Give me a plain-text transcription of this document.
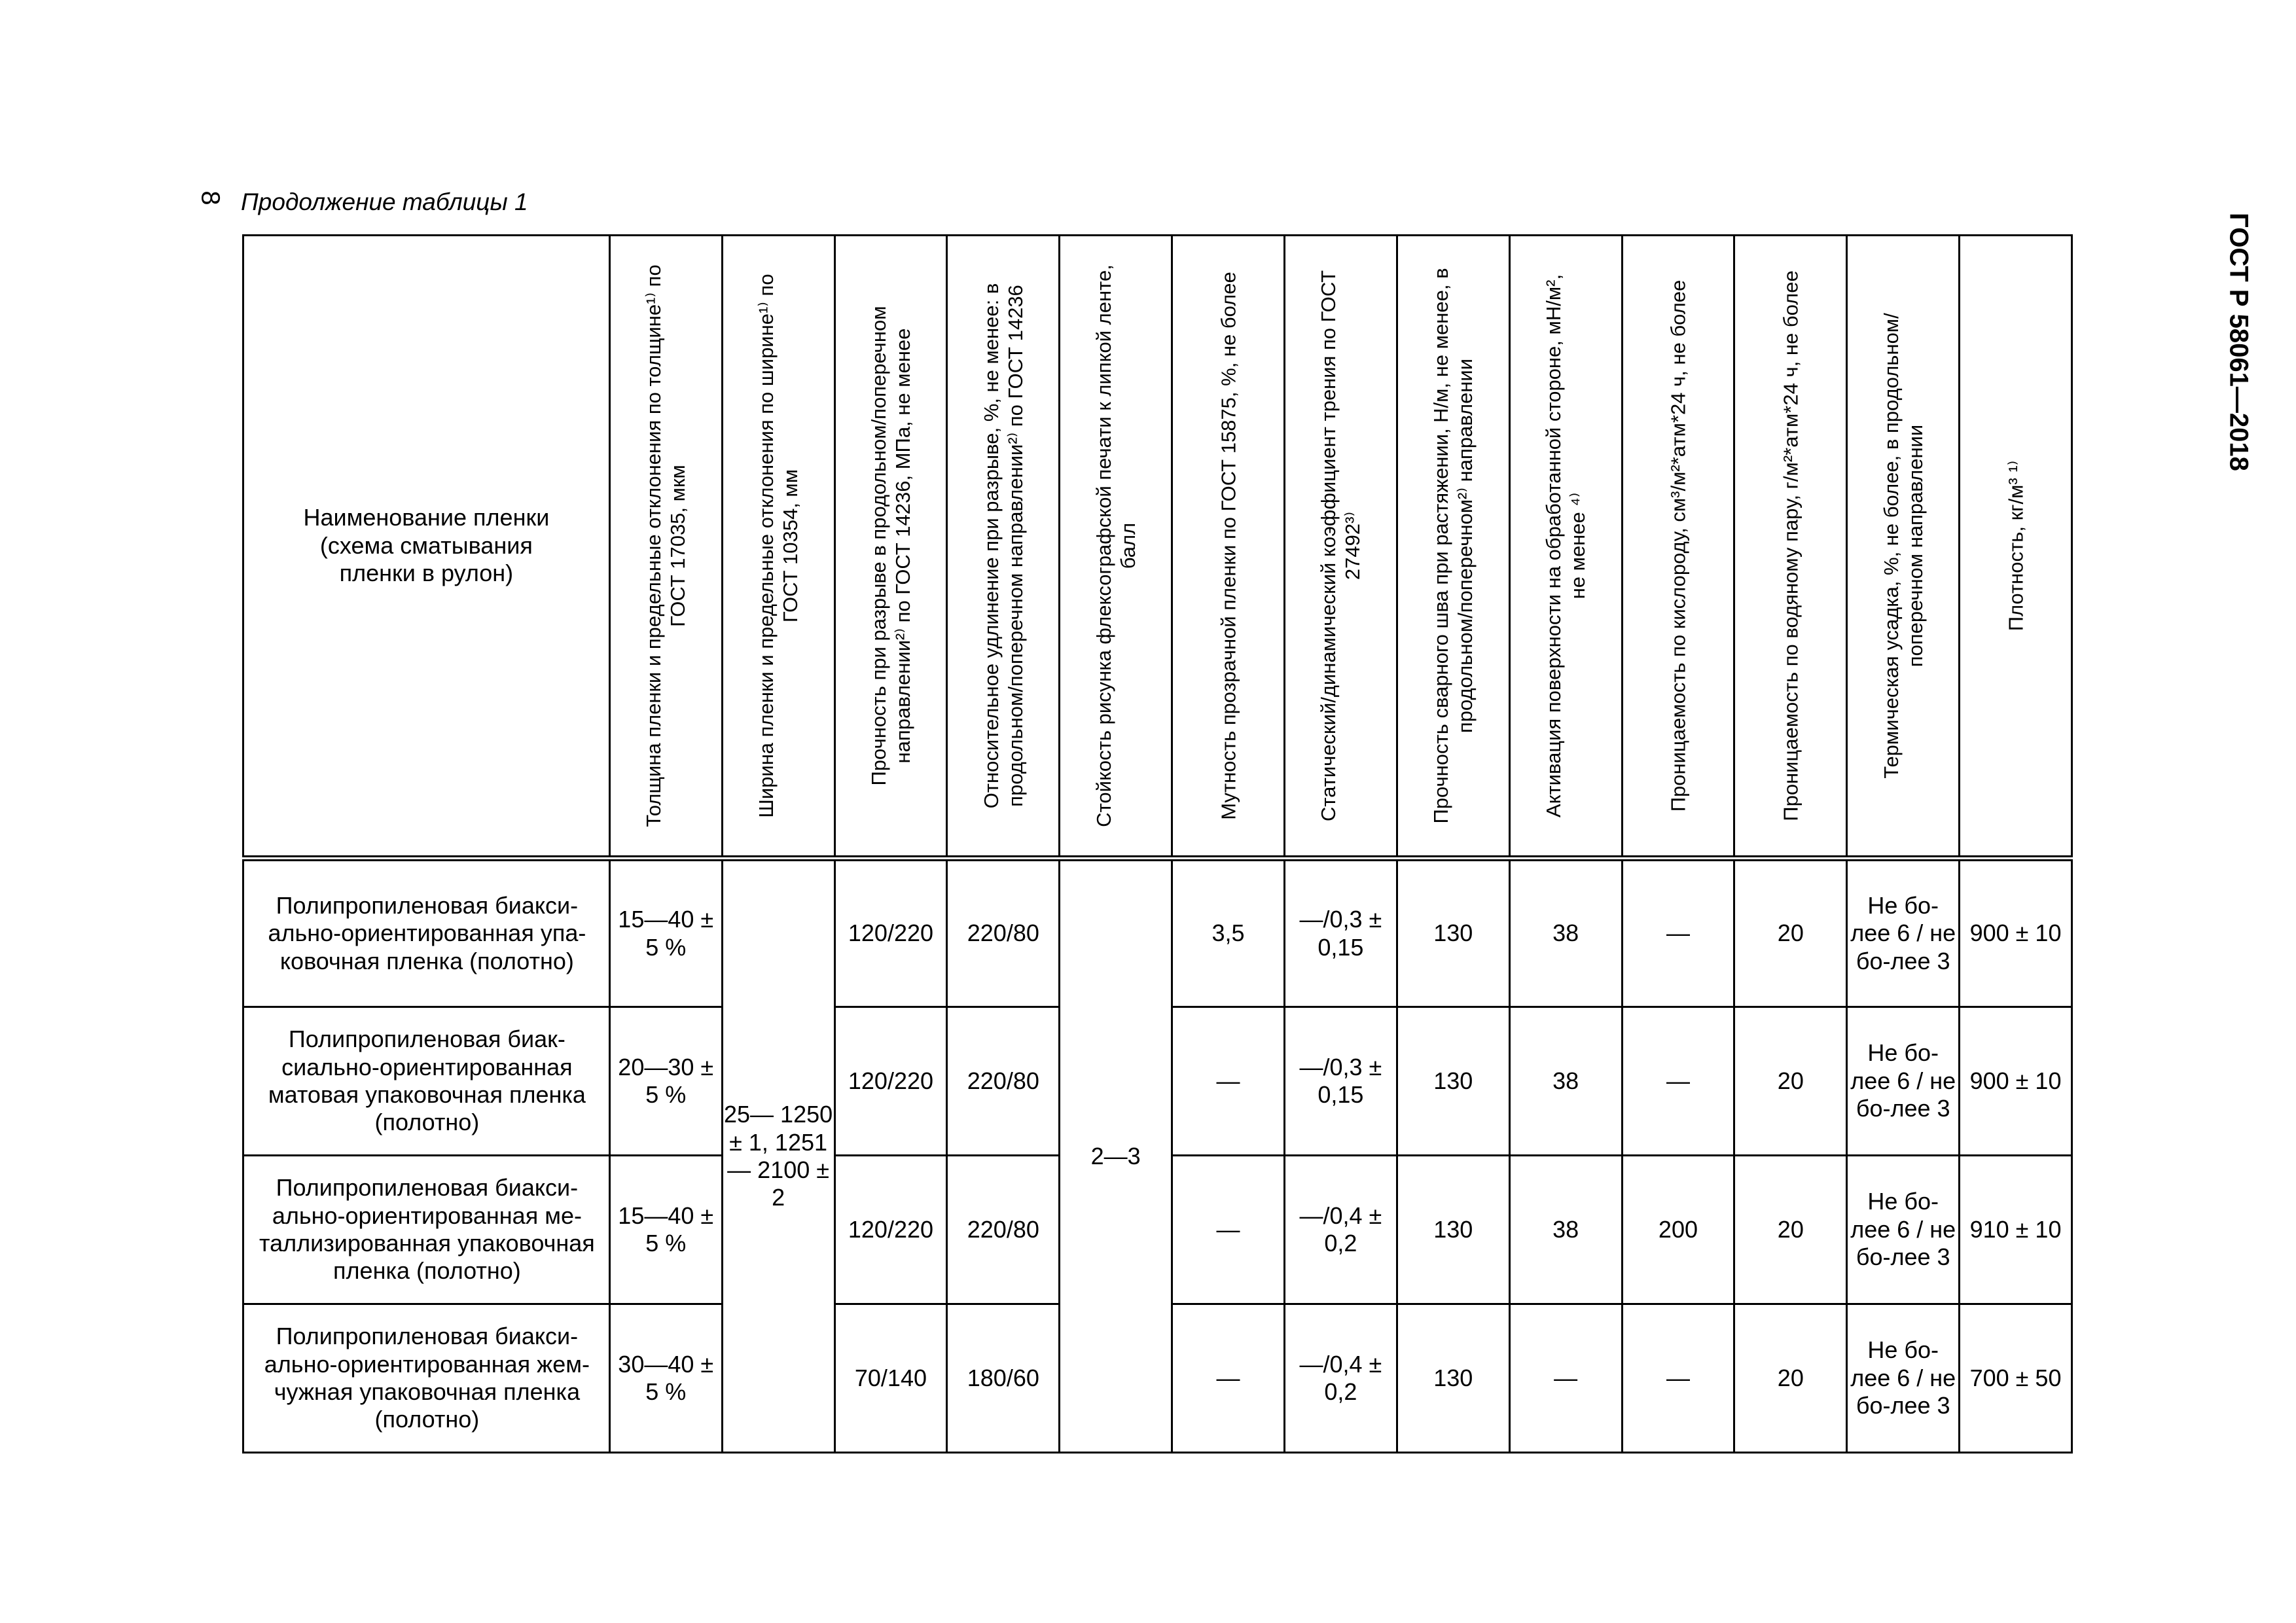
8 Продолжение таблицы 1
ГОСТ Р 58061—2018
Наименование пленки (схема сматывания пленки в рулон)	Толщина пленки и предельные отклонения по толщине¹⁾ по ГОСТ 17035, мкм	Ширина пленки и предельные отклонения по ширине¹⁾ по ГОСТ 10354, мм	Прочность при разрыве в продольном/поперечном направлении²⁾ по ГОСТ 14236, МПа, не менее	Относительное удлинение при разрыве, %, не менее: в продольном/поперечном направлении²⁾ по ГОСТ 14236	Стойкость рисунка флексографской печати к липкой ленте, балл	Мутность прозрачной пленки по ГОСТ 15875, %, не более	Статический/динамический коэффициент трения по ГОСТ 27492³⁾	Прочность сварного шва при растяжении, Н/м, не менее, в продольном/поперечном²⁾ направлении	Активация поверхности на обработанной стороне, мН/м², не менее ⁴⁾	Проницаемость по кислороду, см³/м²*атм*24 ч, не более	Проницаемость по водяному пару, г/м²*атм*24 ч, не более	Термическая усадка, %, не более, в продольном/поперечном направлении	Плотность, кг/м³ ¹⁾

Полипропиленовая биакси-ально-ориентированная упа-ковочная пленка (полотно)	15—40 ± 5 %	25— 1250 ± 1, 1251— 2100 ± 2	120/220	220/80	2—3	3,5	—/0,3 ± 0,15	130	38	—	20	Не бо-лее 6 / не бо-лее 3	900 ± 10
Полипропиленовая биак-сиально-ориентированная матовая упаковочная пленка (полотно)	20—30 ± 5 %		120/220	220/80		—	—/0,3 ± 0,15	130	38	—	20	Не бо-лее 6 / не бо-лее 3	900 ± 10
Полипропиленовая биакси-ально-ориентированная ме-таллизированная упаковочная пленка (полотно)	15—40 ± 5 %		120/220	220/80		—	—/0,4 ± 0,2	130	38	200	20	Не бо-лее 6 / не бо-лее 3	910 ± 10
Полипропиленовая биакси-ально-ориентированная жем-чужная упаковочная пленка (полотно)	30—40 ± 5 %		70/140	180/60		—	—/0,4 ± 0,2	130	—	—	20	Не бо-лее 6 / не бо-лее 3	700 ± 50
